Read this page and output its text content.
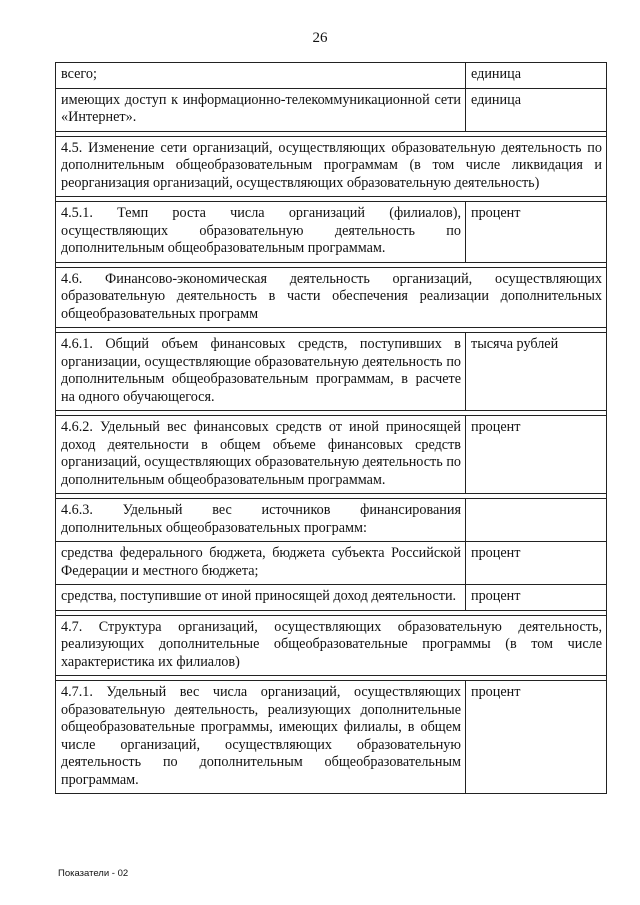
26
всего;	единица
имеющих доступ к информационно-телекоммуникационной сети «Интернет».	единица

4.5. Изменение сети организаций, осуществляющих образовательную деятельность по дополнительным общеобразовательным программам (в том числе ликвидация и реорганизация организаций, осуществляющих образовательную деятельность)	

4.5.1. Темп роста числа организаций (филиалов), осуществляющих образовательную деятельность по дополнительным общеобразовательным программам.	процент

4.6. Финансово-экономическая деятельность организаций, осуществляющих образовательную деятельность в части обеспечения реализации дополнительных общеобразовательных программ	

4.6.1. Общий объем финансовых средств, поступивших в организации, осуществляющие образовательную деятельность по дополнительным общеобразовательным программам, в расчете на одного обучающегося.	тысяча рублей

4.6.2. Удельный вес финансовых средств от иной приносящей доход деятельности в общем объеме финансовых средств организаций, осуществляющих образовательную деятельность по дополнительным общеобразовательным программам.	процент

4.6.3. Удельный вес источников финансирования дополнительных общеобразовательных программ:	
средства федерального бюджета, бюджета субъекта Российской Федерации и местного бюджета;	процент
средства, поступившие от иной приносящей доход деятельности.	процент

4.7. Структура организаций, осуществляющих образовательную деятельность, реализующих дополнительные общеобразовательные программы (в том числе характеристика их филиалов)	

4.7.1. Удельный вес числа организаций, осуществляющих образовательную деятельность, реализующих дополнительные общеобразовательные программы, имеющих филиалы, в общем числе организаций, осуществляющих образовательную деятельность по дополнительным общеобразовательным программам.	процент
Показатели - 02
